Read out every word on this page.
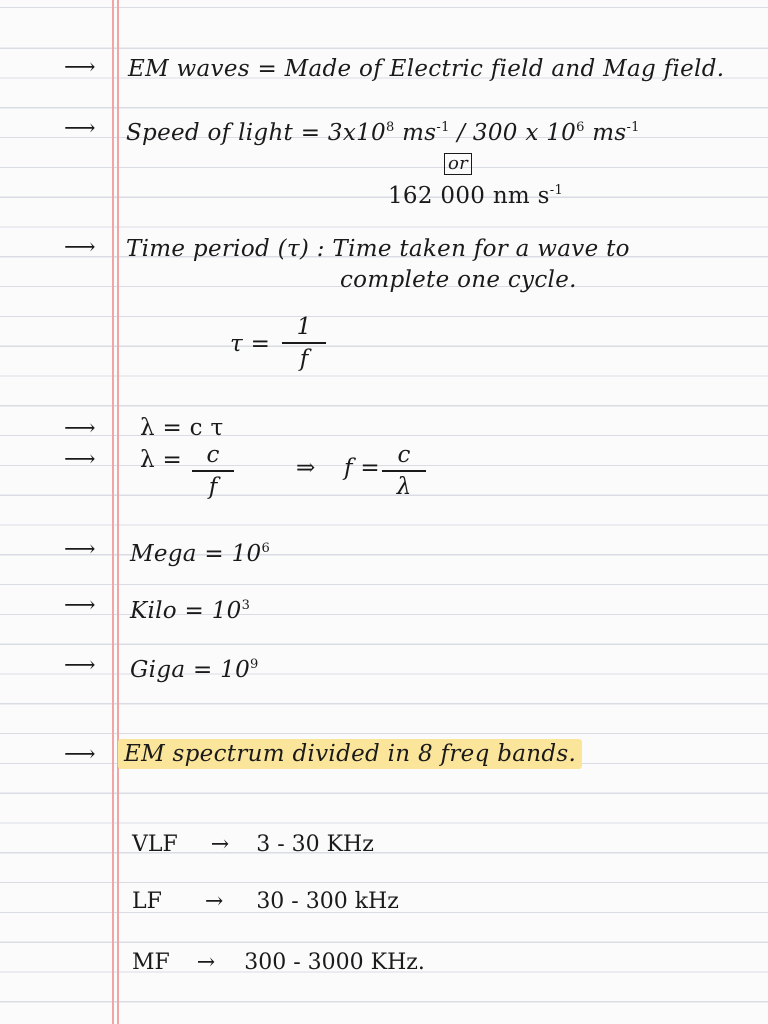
⟶ EM waves = Made of Electric field and Mag field.
⟶ Speed of light = $3x10^8$ $ms^{-1} / 300$ x $10^6$ $ms^{-1}$
or
162 000 nm $s^{-1}$
⟶ Time period (τ) : Time taken for a wave to
complete one cycle.
τ =
1
f
⟶ λ = c τ
⟶ λ =	c
f
⇒ f = c
λ
⟶ Mega = $10^6$
⟶ Kilo = $10^3$
⟶ Giga = $10^9$
⟶ EM spectrum divided in 8 freq bands.
VLF → 3 - 30 KHz
LF → 30 - 300 kHz
MF → 300 - 3000 KHz.
